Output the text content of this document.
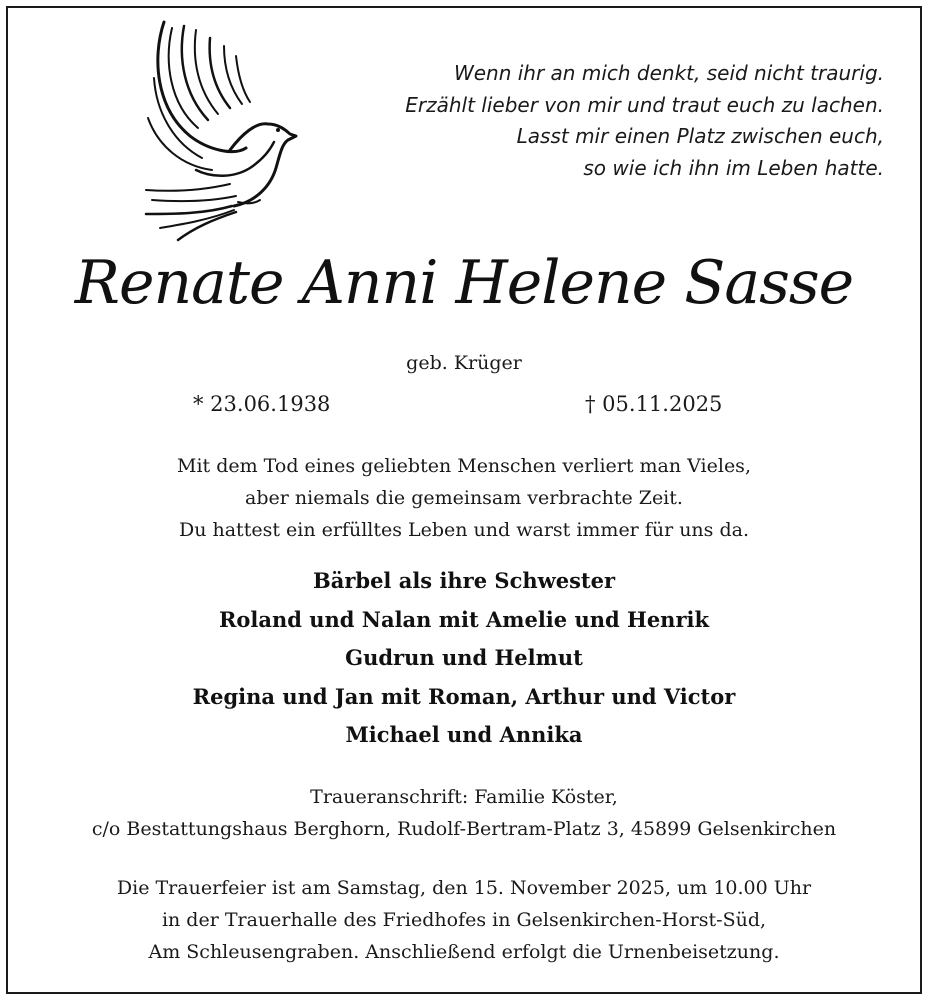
Wenn ihr an mich denkt, seid nicht traurig.
Erzählt lieber von mir und traut euch zu lachen.
Lasst mir einen Platz zwischen euch,
so wie ich ihn im Leben hatte.
Renate Anni Helene Sasse
geb. Krüger
* 23.06.1938	† 05.11.2025
Mit dem Tod eines geliebten Menschen verliert man Vieles,
aber niemals die gemeinsam verbrachte Zeit.
Du hattest ein erfülltes Leben und warst immer für uns da.
Bärbel als ihre Schwester
Roland und Nalan mit Amelie und Henrik
Gudrun und Helmut
Regina und Jan mit Roman, Arthur und Victor
Michael und Annika
Traueranschrift: Familie Köster,
c/o Bestattungshaus Berghorn, Rudolf-Bertram-Platz 3, 45899 Gelsenkirchen
Die Trauerfeier ist am Samstag, den 15. November 2025, um 10.00 Uhr
in der Trauerhalle des Friedhofes in Gelsenkirchen-Horst-Süd,
Am Schleusengraben. Anschließend erfolgt die Urnenbeisetzung.
